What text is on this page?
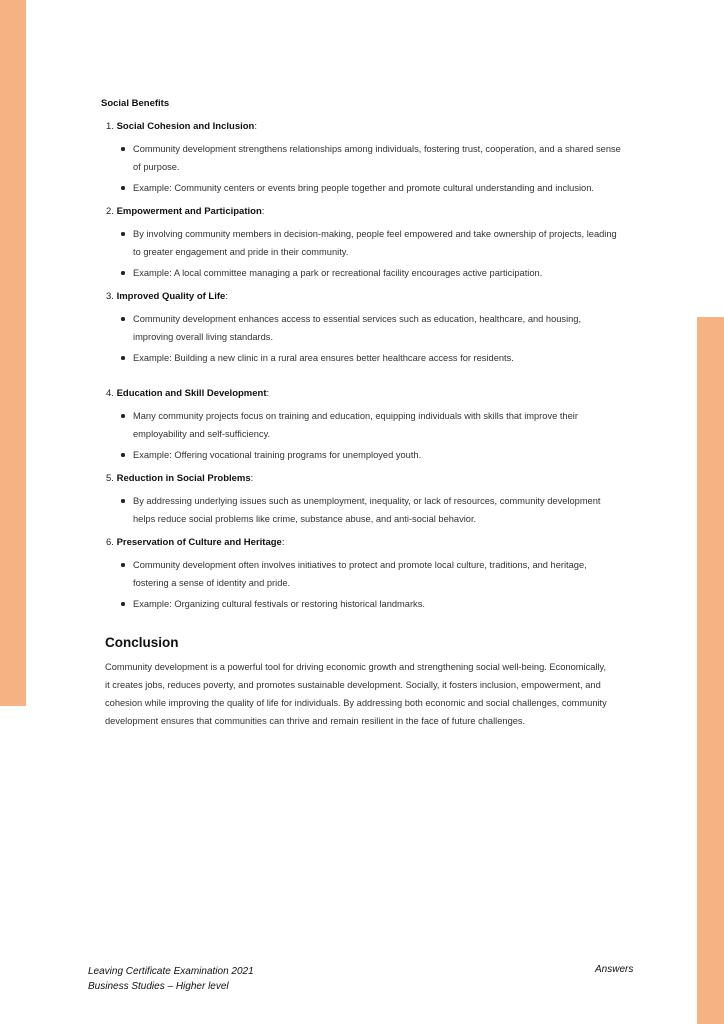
Social Benefits
1. Social Cohesion and Inclusion:
Community development strengthens relationships among individuals, fostering trust, cooperation, and a shared sense of purpose.
Example: Community centers or events bring people together and promote cultural understanding and inclusion.
2. Empowerment and Participation:
By involving community members in decision-making, people feel empowered and take ownership of projects, leading to greater engagement and pride in their community.
Example: A local committee managing a park or recreational facility encourages active participation.
3. Improved Quality of Life:
Community development enhances access to essential services such as education, healthcare, and housing, improving overall living standards.
Example: Building a new clinic in a rural area ensures better healthcare access for residents.
4. Education and Skill Development:
Many community projects focus on training and education, equipping individuals with skills that improve their employability and self-sufficiency.
Example: Offering vocational training programs for unemployed youth.
5. Reduction in Social Problems:
By addressing underlying issues such as unemployment, inequality, or lack of resources, community development helps reduce social problems like crime, substance abuse, and anti-social behavior.
6. Preservation of Culture and Heritage:
Community development often involves initiatives to protect and promote local culture, traditions, and heritage, fostering a sense of identity and pride.
Example: Organizing cultural festivals or restoring historical landmarks.
Conclusion
Community development is a powerful tool for driving economic growth and strengthening social well-being. Economically, it creates jobs, reduces poverty, and promotes sustainable development. Socially, it fosters inclusion, empowerment, and cohesion while improving the quality of life for individuals. By addressing both economic and social challenges, community development ensures that communities can thrive and remain resilient in the face of future challenges.
Leaving Certificate Examination 2021
Business Studies – Higher level
Answers
